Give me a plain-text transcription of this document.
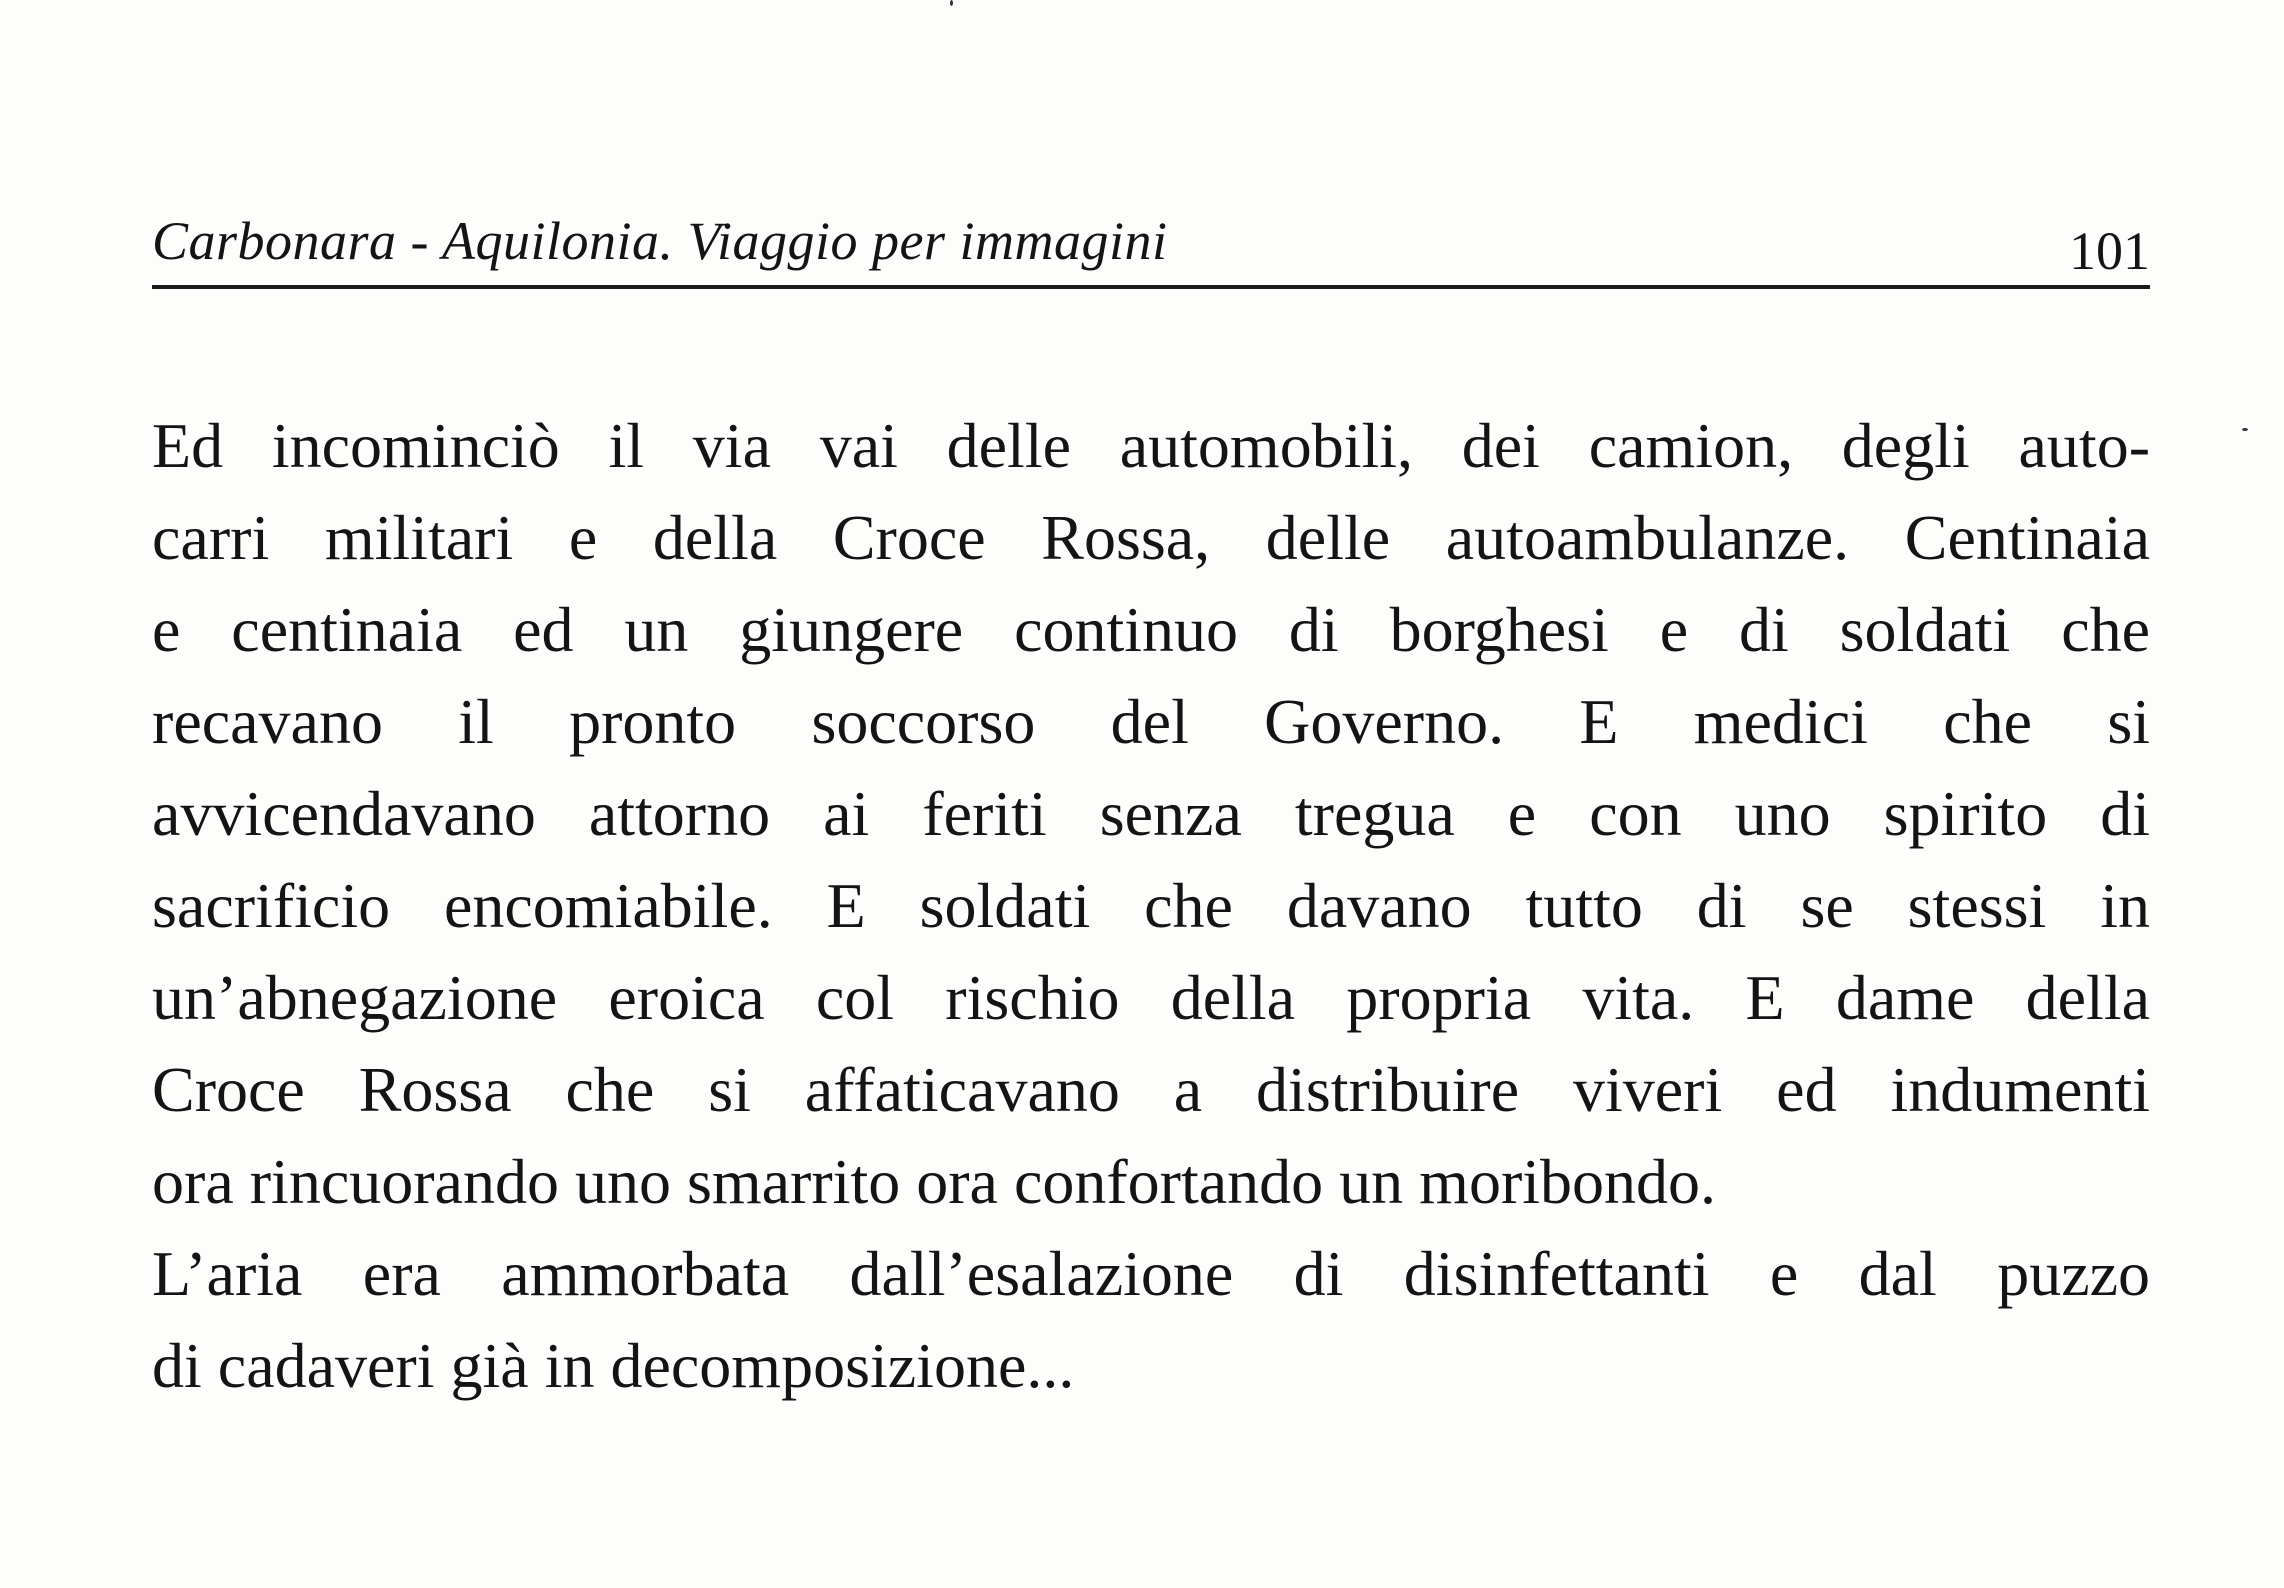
Carbonara - Aquilonia. Viaggio per immagini	101
Ed incominciò il via vai delle automobili, dei camion, degli auto-
carri militari e della Croce Rossa, delle autoambulanze. Centinaia
e centinaia ed un giungere continuo di borghesi e di soldati che
recavano il pronto soccorso del Governo. E medici che si
avvicendavano attorno ai feriti senza tregua e con uno spirito di
sacrificio encomiabile. E soldati che davano tutto di se stessi in
un’abnegazione eroica col rischio della propria vita. E dame della
Croce Rossa che si affaticavano a distribuire viveri ed indumenti
ora rincuorando uno smarrito ora confortando un moribondo.
L’aria era ammorbata dall’esalazione di disinfettanti e dal puzzo
di cadaveri già in decomposizione...
